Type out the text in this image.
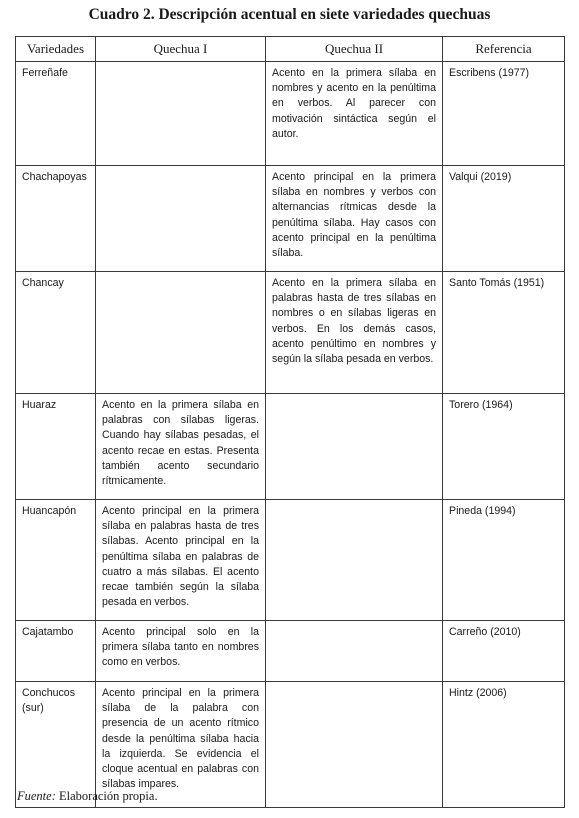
Cuadro 2. Descripción acentual en siete variedades quechuas
Variedades	Quechua I	Quechua II	Referencia
Ferreñafe		Acento en la primera sílaba en nombres y acento en la penúltima en verbos. Al parecer con motivación sintáctica según el autor.	Escribens (1977)
Chachapoyas		Acento principal en la primera sílaba en nombres y verbos con alternancias rítmicas desde la penúltima sílaba. Hay casos con acento principal en la penúltima sílaba.	Valqui (2019)
Chancay		Acento en la primera sílaba en palabras hasta de tres sílabas en nombres o en sílabas ligeras en verbos. En los demás casos, acento penúltimo en nombres y según la sílaba pesada en verbos.	Santo Tomás (1951)
Huaraz	Acento en la primera sílaba en palabras con sílabas ligeras. Cuando hay sílabas pesadas, el acento recae en estas. Presenta también acento secundario rítmicamente.		Torero (1964)
Huancapón	Acento principal en la primera sílaba en palabras hasta de tres sílabas. Acento principal en la penúltima sílaba en palabras de cuatro a más sílabas. El acento recae también según la sílaba pesada en verbos.		Pineda (1994)
Cajatambo	Acento principal solo en la primera sílaba tanto en nombres como en verbos.		Carreño (2010)
Conchucos (sur)	Acento principal en la primera sílaba de la palabra con presencia de un acento rítmico desde la penúltima sílaba hacia la izquierda. Se evidencia el cloque acentual en palabras con sílabas impares.		Hintz (2006)
Fuente: Elaboración propia.
